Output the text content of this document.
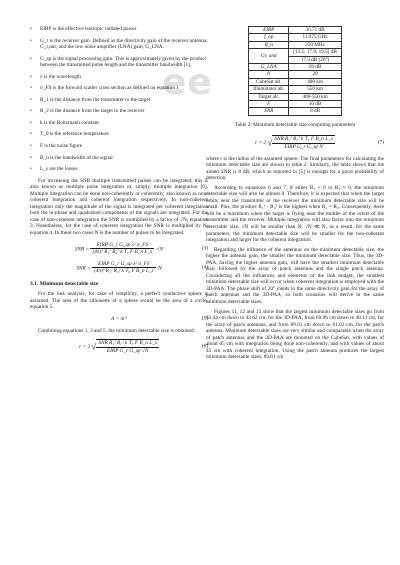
ee
• EIRP is the effective isotropic radiated power
• G_r is the receiver gain. Defined as the directivity gain of the receiver antenna, G_r,ant, and the low noise amplifier (LNA) gain, G_LNA.
• G_sp is the signal processing gain. This is approximately given by the product between the transmitted pulse length and the transmitter bandwidth [1].
• λ is the wavelength
• σ_FS is the forward scatter cross section as defined on equation 1
• R_1 is the distance from the transmitter to the target
• R_2 is the distance from the target to the receiver
• k is the Boltzmann constant
• T_0 is the reference temperature
• F is the noise figure
• B_n is the bandwidth of the signal
• L_s are the losses

For increasing the SNR multiple transmitted pulses can be integrated, this is also known as multiple pulse integration or, simply, multiple integration [6]. Multiple integration can be done non-coherently or coherently, also known as non-coherent integration and coherent integration respectively. In non-coherent integration only the magnitude of the signal is integrated per coherent integration both the in-phase and quadrature components of the signals are integrated. For the case of non-coherent integration the SNR is multiplied by a factor of √N, equation 3. Nonetheless, for the case of coherent integration the SNR is multiplied by N, equation 4. In these two cases N is the number of pulses to be integrated.

SNR = $\frac{\text{EIRP G\_r G\_sp λ² σ\_FS}}{\text{(4π)³ R₁² R₂² k T₀ F B\_n L\_s}} \cdot√N$	(3)
SNR = $\frac{\text{EIRP G\_r G\_sp λ² σ\_FS}}{\text{(4π)³ R₁² R₂² k T₀ F B\_n L\_s}} \cdot N$	(4)
3.1. Minimum detectable size

For the link analysis, for sake of simplicity, a perfect conductive sphere is assumed. The area of the silhouette of a sphere would be the area of a circle, equation 5.

A = πr²	(5)

Combining equations 1, 3 and 5, the minimum detectable size is obtained:

r = 2 √ $\frac{\text{SNR R₁² R₂² k T₀ F B\_n L\_s}}{\text{EIRP G\_r G\_sp √N}}$	(6)
EIRP	36.71 dB
f_op	11.075 GHz
B_n	250 MHz
Gr, and	[13.5; 17.8; 19.5] dB
	17.3 dB (20°)
G_LNA	26 dB
N	20
CubeSat alt.	400 km
Illuminator alt.	550 km
Target alt.	400-550 km
F	10 dB
SNR	8 dB
Table 2: Minimum detectable size computing parameters
r = 2 √ $\frac{\text{SNR R₁² R₂² k T₀ F B\_n L\_s}}{\text{EIRP G\_r G\_sp N}}$	(7)

where r is the radius of the assumed sphere. The final parameters for calculating the minimum detectable size are shown in table 2. Similarly, the table shows that the aimed SNR is 8 dB, which as reported in [5] is enough for a good probability of detection.

According to equations 6 and 7, if either R₁ ≈ 0 or R₂ ≈ 0, the minimum detectable size will also be almost 0. Therefore, it is expected that when the target orbits near the transmitter or the receiver the minimum detectable size will be small. Plus, the product R₁² · R₂² is the highest when R₁ = R₂. Consequently, there will be a maximum when the target is flying near the middle of the orbits of the transmitter and the receiver. Multiple integration will also factor into the minimum detectable size. √N will be smaller than N: √N ≪ N; as a result, for the same parameters, the minimum detectable size will be smaller for the non-coherent integration and larger for the coherent integration.

Regarding the influence of the antennas on the minimum detectable size, the higher the antenna gain, the smaller the minimum detectable size. Thus, the 3D-PAA, having the higher antenna gain, will have the smallest minimum detectable size, followed by the array of patch antennas and the single patch antenna. Considering all the influences and elements of the link budget, the smallest minimum detectable size will occur when coherent integration is employed with the 3D-PAA. The phase shift of 20° yields in the same directivity gain for the array of patch antennas and the 3D-PAA, so both scenarios will derive in the same minimum detectable sizes.

Figures 11, 12 and 13 show that the largest minimum detectable sizes go from 63.44 cm down to 43.62 cm, for the 3D-PAA, from 69.96 cm down to 48.11 cm, for the array of patch antennas, and from 89.61 cm down to 61.62 cm, for the patch antenna. Minimum detectable sizes are very similar and comparable when the array of patch antennas and the 3D-PAA are mounted on the CubeSat, with values of about 65 cm with integration being done non-coherently, and with values of about 45 cm with coherent integration. Using the patch antenna produces the largest minimum detectable sizes, 89.61 cm
